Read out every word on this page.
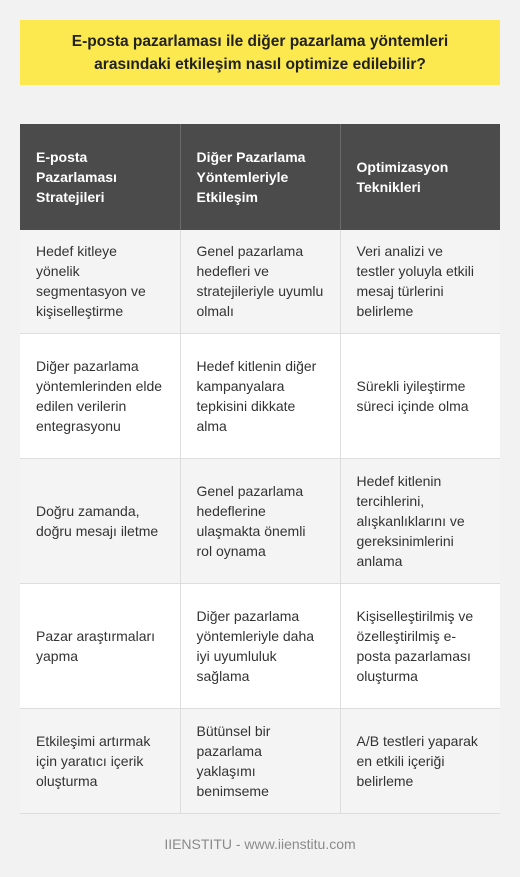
E-posta pazarlaması ile diğer pazarlama yöntemleri arasındaki etkileşim nasıl optimize edilebilir?
E-posta Pazarlaması Stratejileri	Diğer Pazarlama Yöntemleriyle Etkileşim	Optimizasyon Teknikleri
Hedef kitleye yönelik segmentasyon ve kişiselleştirme	Genel pazarlama hedefleri ve stratejileriyle uyumlu olmalı	Veri analizi ve testler yoluyla etkili mesaj türlerini belirleme
Diğer pazarlama yöntemlerinden elde edilen verilerin entegrasyonu	Hedef kitlenin diğer kampanyalara tepkisini dikkate alma	Sürekli iyileştirme süreci içinde olma
Doğru zamanda, doğru mesajı iletme	Genel pazarlama hedeflerine ulaşmakta önemli rol oynama	Hedef kitlenin tercihlerini, alışkanlıklarını ve gereksinimlerini anlama
Pazar araştırmaları yapma	Diğer pazarlama yöntemleriyle daha iyi uyumluluk sağlama	Kişiselleştirilmiş ve özelleştirilmiş e-posta pazarlaması oluşturma
Etkileşimi artırmak için yaratıcı içerik oluşturma	Bütünsel bir pazarlama yaklaşımı benimseme	A/B testleri yaparak en etkili içeriği belirleme
IIENSTITU - www.iienstitu.com
